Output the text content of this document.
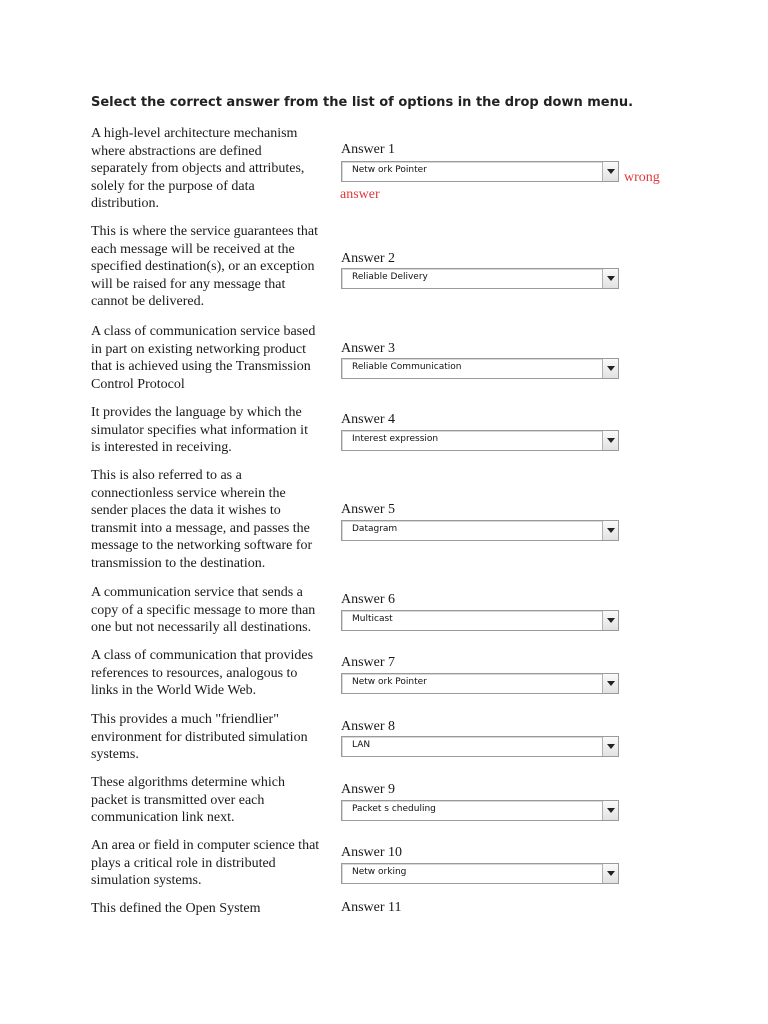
Select the correct answer from the list of options in the drop down menu.
A high-level architecture mechanism
where abstractions are defined
separately from objects and attributes,
solely for the purpose of data
distribution.
Answer 1
Netw ork Pointer	wrong
answer
This is where the service guarantees that
each message will be received at the
specified destination(s), or an exception
will be raised for any message that
cannot be delivered.
Answer 2
Reliable Delivery
A class of communication service based
in part on existing networking product
that is achieved using the Transmission
Control Protocol
Answer 3
Reliable Communication
It provides the language by which the
simulator specifies what information it
is interested in receiving.
Answer 4
Interest expression
This is also referred to as a
connectionless service wherein the
sender places the data it wishes to
transmit into a message, and passes the
message to the networking software for
transmission to the destination.
Answer 5
Datagram
A communication service that sends a
copy of a specific message to more than
one but not necessarily all destinations.
Answer 6
Multicast
A class of communication that provides
references to resources, analogous to
links in the World Wide Web.
Answer 7
Netw ork Pointer
This provides a much "friendlier"
environment for distributed simulation
systems.
Answer 8
LAN
These algorithms determine which
packet is transmitted over each
communication link next.
Answer 9
Packet s cheduling
An area or field in computer science that
plays a critical role in distributed
simulation systems.
Answer 10
Netw orking
This defined the Open System	Answer 11
